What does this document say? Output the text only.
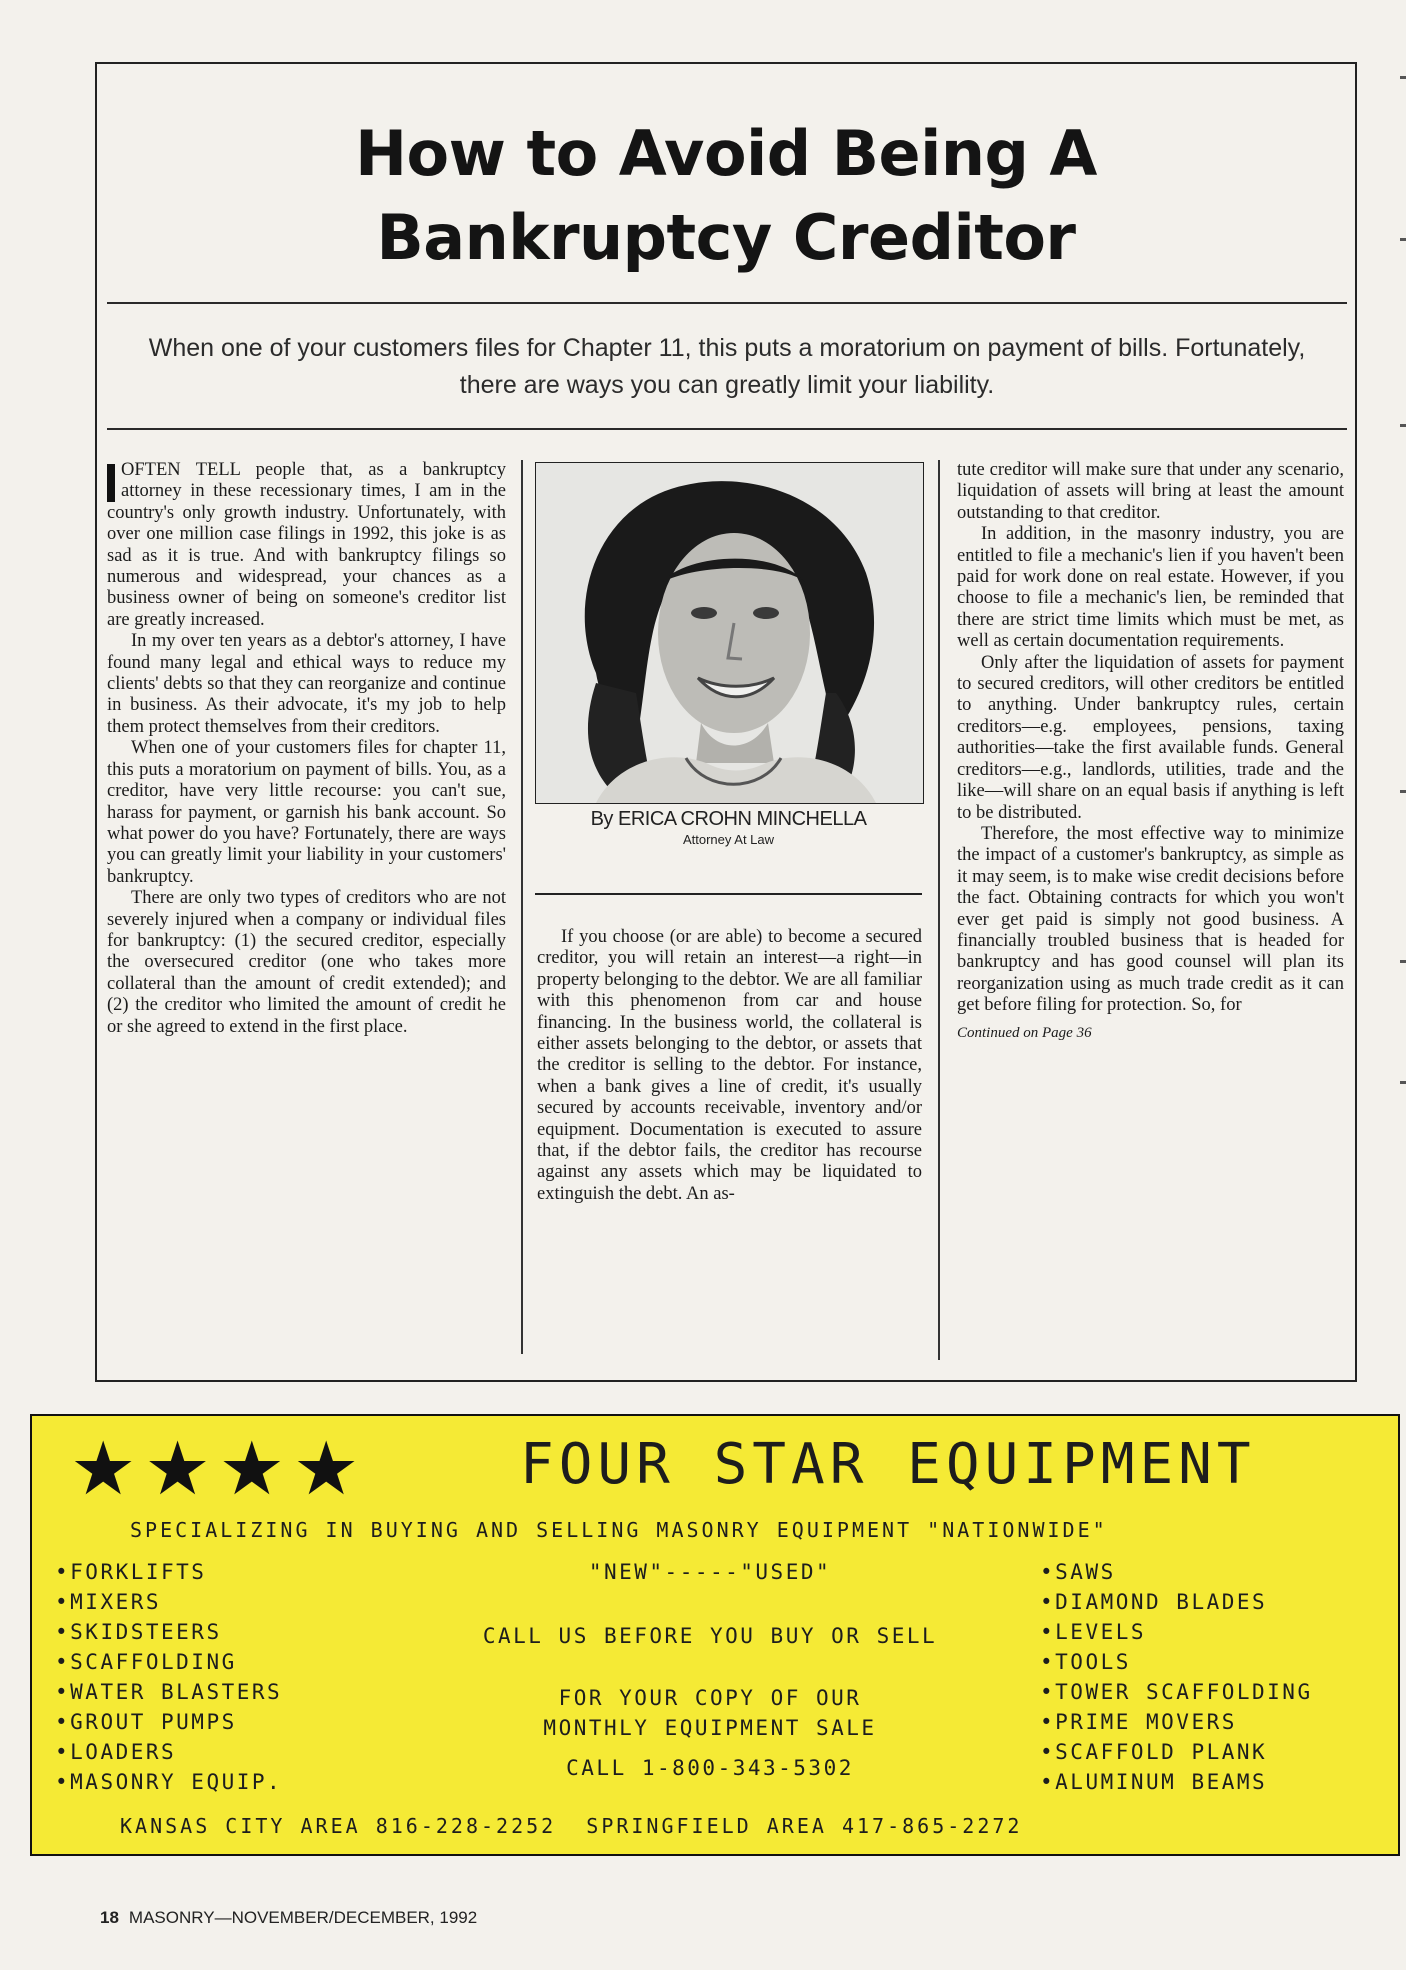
How to Avoid Being A
Bankruptcy Creditor
When one of your customers files for Chapter 11, this puts a moratorium on payment of bills. Fortunately, there are ways you can greatly limit your liability.

OFTEN TELL people that, as a bankruptcy attorney in these recessionary times, I am in the country's only growth industry. Unfortunately, with over one million case filings in 1992, this joke is as sad as it is true. And with bankruptcy filings so numerous and widespread, your chances as a business owner of being on someone's creditor list are greatly increased.

In my over ten years as a debtor's attorney, I have found many legal and ethical ways to reduce my clients' debts so that they can reorganize and continue in business. As their advocate, it's my job to help them protect themselves from their creditors.

When one of your customers files for chapter 11, this puts a moratorium on payment of bills. You, as a creditor, have very little recourse: you can't sue, harass for payment, or garnish his bank account. So what power do you have? Fortunately, there are ways you can greatly limit your liability in your customers' bankruptcy.

There are only two types of creditors who are not severely injured when a company or individual files for bankruptcy: (1) the secured creditor, especially the oversecured creditor (one who takes more collateral than the amount of credit extended); and (2) the creditor who limited the amount of credit he or she agreed to extend in the first place.

By ERICA CROHN MINCHELLA
Attorney At Law

If you choose (or are able) to become a secured creditor, you will retain an interest—a right—in property belonging to the debtor. We are all familiar with this phenomenon from car and house financing. In the business world, the collateral is either assets belonging to the debtor, or assets that the creditor is selling to the debtor. For instance, when a bank gives a line of credit, it's usually secured by accounts receivable, inventory and/or equipment. Documentation is executed to assure that, if the debtor fails, the creditor has recourse against any assets which may be liquidated to extinguish the debt. An as-

tute creditor will make sure that under any scenario, liquidation of assets will bring at least the amount outstanding to that creditor.

In addition, in the masonry industry, you are entitled to file a mechanic's lien if you haven't been paid for work done on real estate. However, if you choose to file a mechanic's lien, be reminded that there are strict time limits which must be met, as well as certain documentation requirements.

Only after the liquidation of assets for payment to secured creditors, will other creditors be entitled to anything. Under bankruptcy rules, certain creditors—e.g. employees, pensions, taxing authorities—take the first available funds. General creditors—e.g., landlords, utilities, trade and the like—will share on an equal basis if anything is left to be distributed.

Therefore, the most effective way to minimize the impact of a customer's bankruptcy, as simple as it may seem, is to make wise credit decisions before the fact. Obtaining contracts for which you won't ever get paid is simply not good business. A financially troubled business that is headed for bankruptcy and has good counsel will plan its reorganization using as much trade credit as it can get before filing for protection. So, for

Continued on Page 36

★★★★	FOUR STAR EQUIPMENT
SPECIALIZING IN BUYING AND SELLING MASONRY EQUIPMENT "NATIONWIDE"
•FORKLIFTS
•MIXERS
•SKIDSTEERS
•SCAFFOLDING
•WATER BLASTERS
•GROUT PUMPS
•LOADERS
•MASONRY EQUIP.
•SAWS
•DIAMOND BLADES
•LEVELS
•TOOLS
•TOWER SCAFFOLDING
•PRIME MOVERS
•SCAFFOLD PLANK
•ALUMINUM BEAMS
"NEW"-----"USED"
CALL US BEFORE YOU BUY OR SELL
FOR YOUR COPY OF OUR
MONTHLY EQUIPMENT SALE
CALL 1-800-343-5302
KANSAS CITY AREA 816-228-2252  SPRINGFIELD AREA 417-865-2272
18 MASONRY—NOVEMBER/DECEMBER, 1992
